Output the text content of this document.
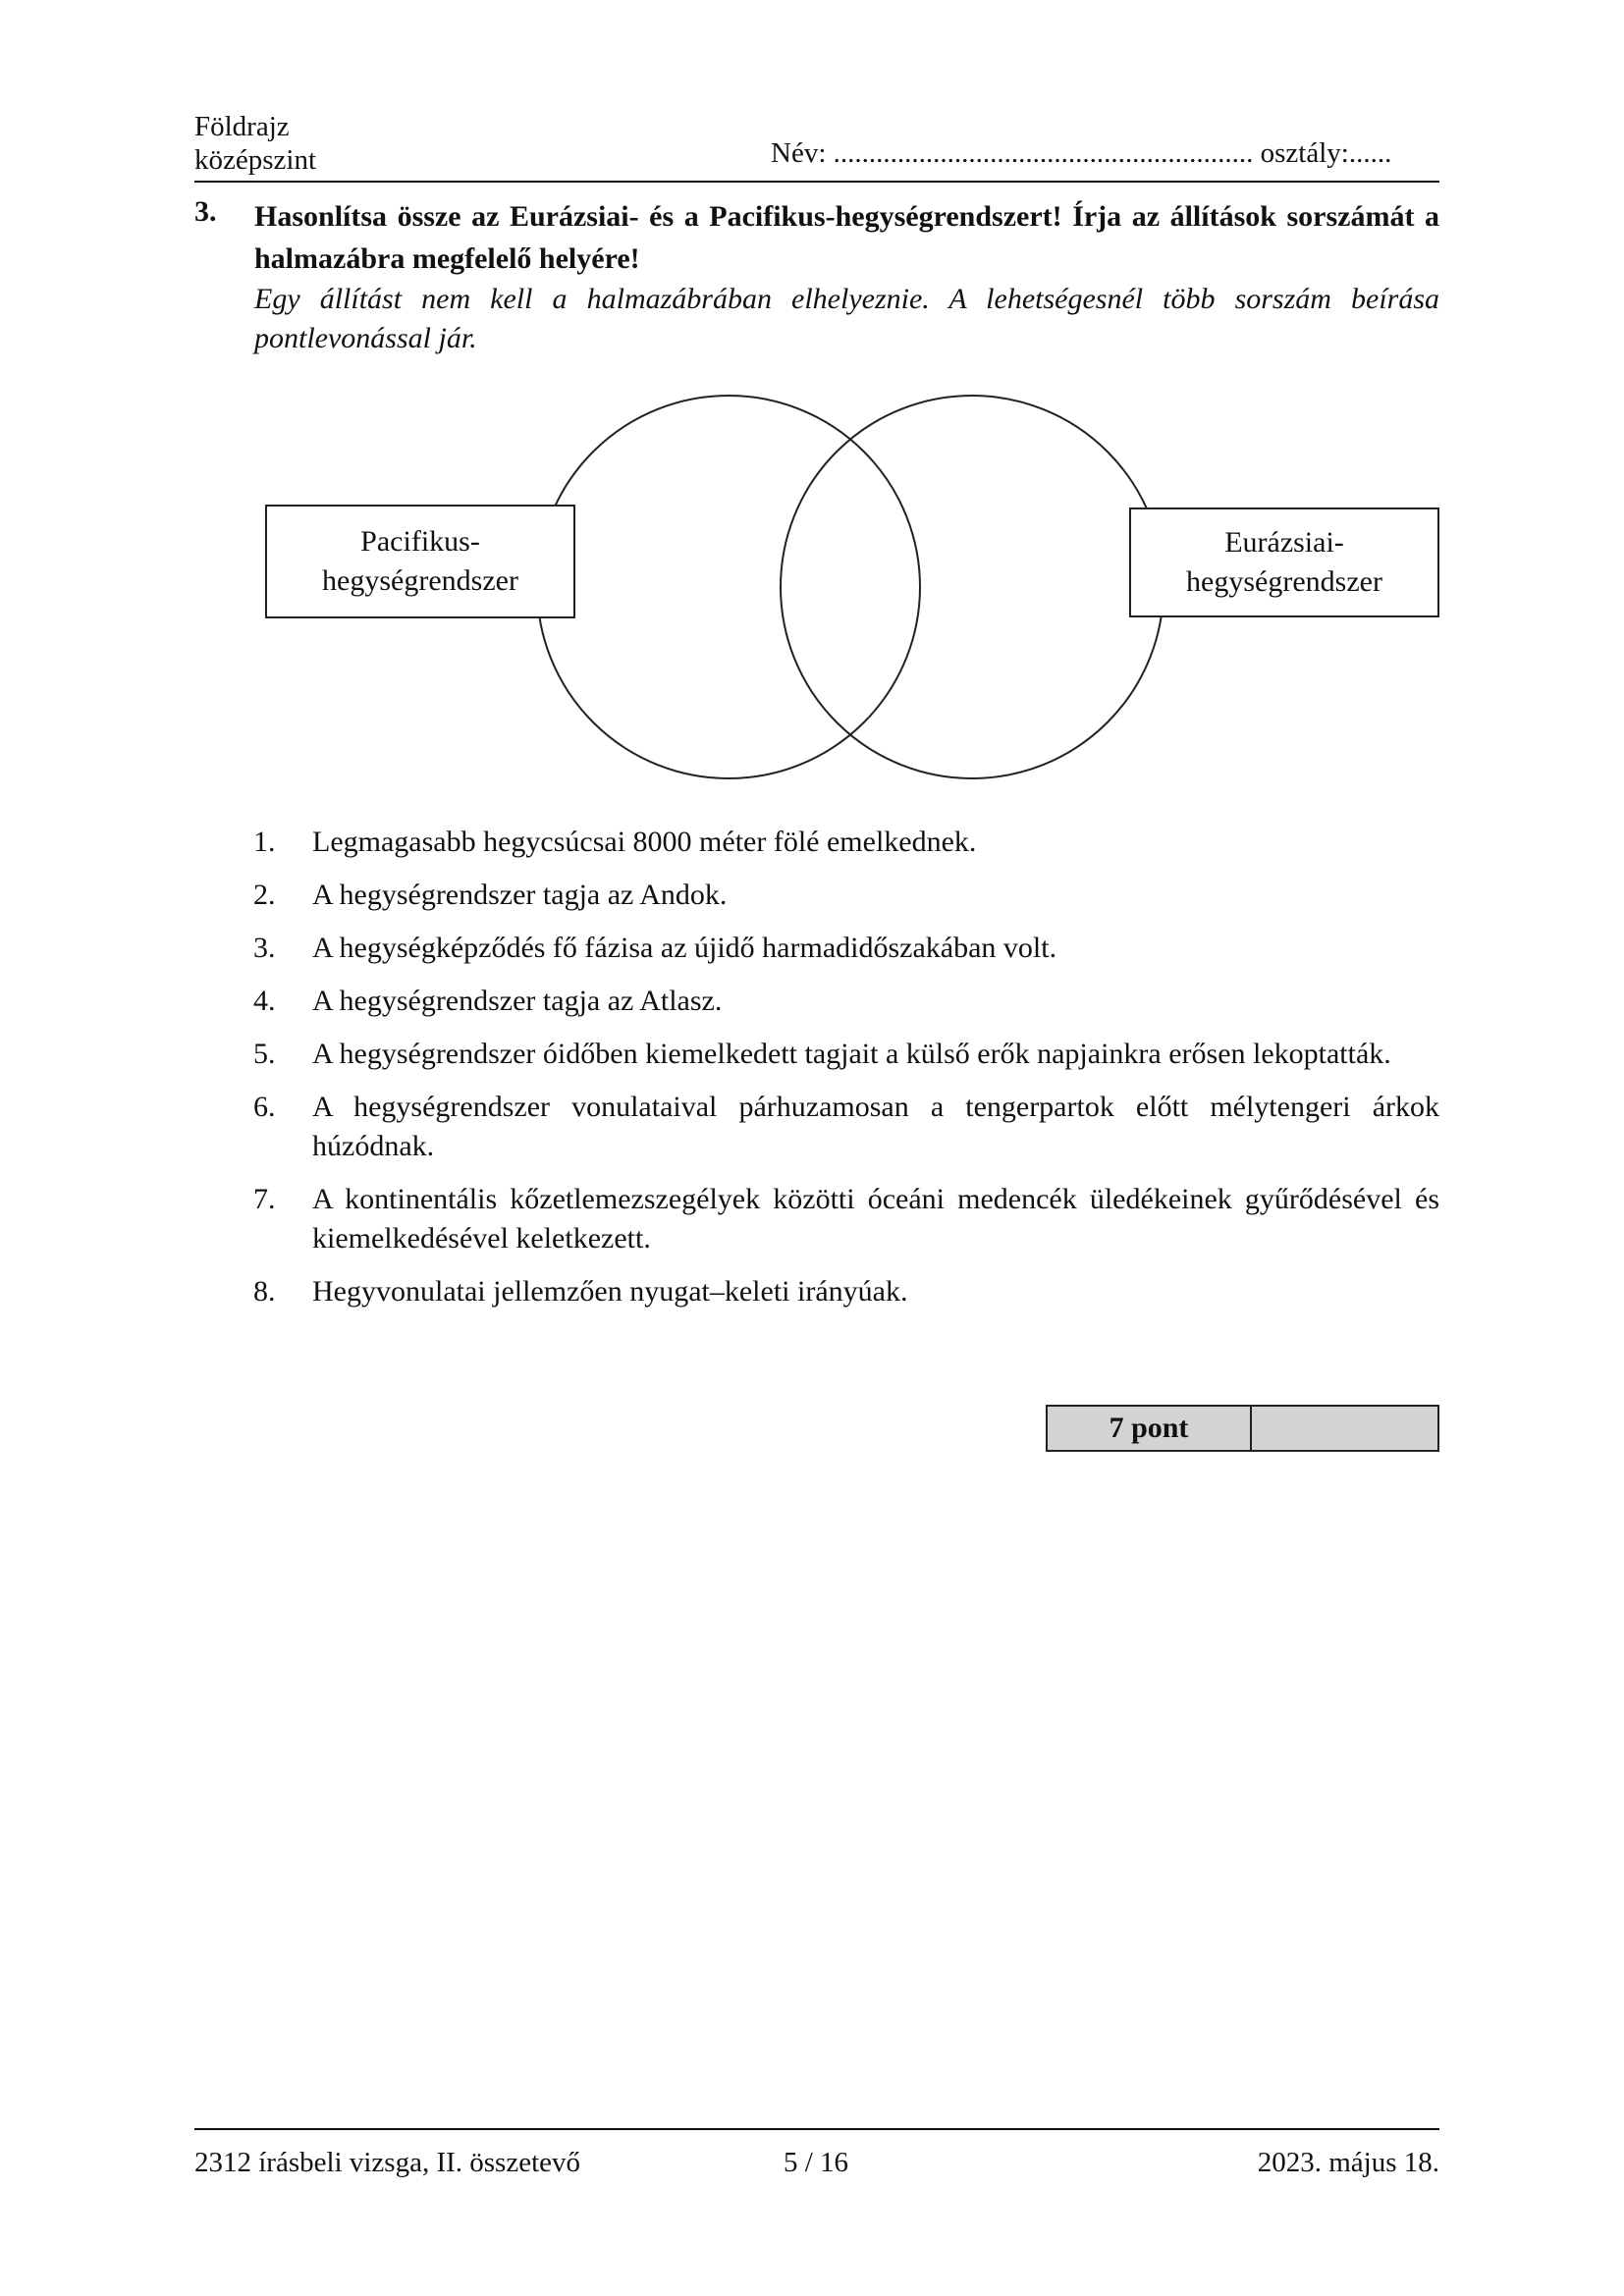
Földrajz
középszint	Név: ........................................................... osztály:......
3. Hasonlítsa össze az Eurázsiai- és a Pacifikus-hegységrendszert! Írja az állítások sorszámát a halmazábra megfelelő helyére!
Egy állítást nem kell a halmazábrában elhelyeznie. A lehetségesnél több sorszám beírása pontlevonással jár.
Pacifikus-
hegységrendszer
Eurázsiai-
hegységrendszer
1. Legmagasabb hegycsúcsai 8000 méter fölé emelkednek.
2. A hegységrendszer tagja az Andok.
3. A hegységképződés fő fázisa az újidő harmadidőszakában volt.
4. A hegységrendszer tagja az Atlasz.
5. A hegységrendszer óidőben kiemelkedett tagjait a külső erők napjainkra erősen lekoptatták.
6. A hegységrendszer vonulataival párhuzamosan a tengerpartok előtt mélytengeri árkok húzódnak.
7. A kontinentális kőzetlemezszegélyek közötti óceáni medencék üledékeinek gyűrődésével és kiemelkedésével keletkezett.
8. Hegyvonulatai jellemzően nyugat–keleti irányúak.
7 pont
2312 írásbeli vizsga, II. összetevő	5 / 16	2023. május 18.
